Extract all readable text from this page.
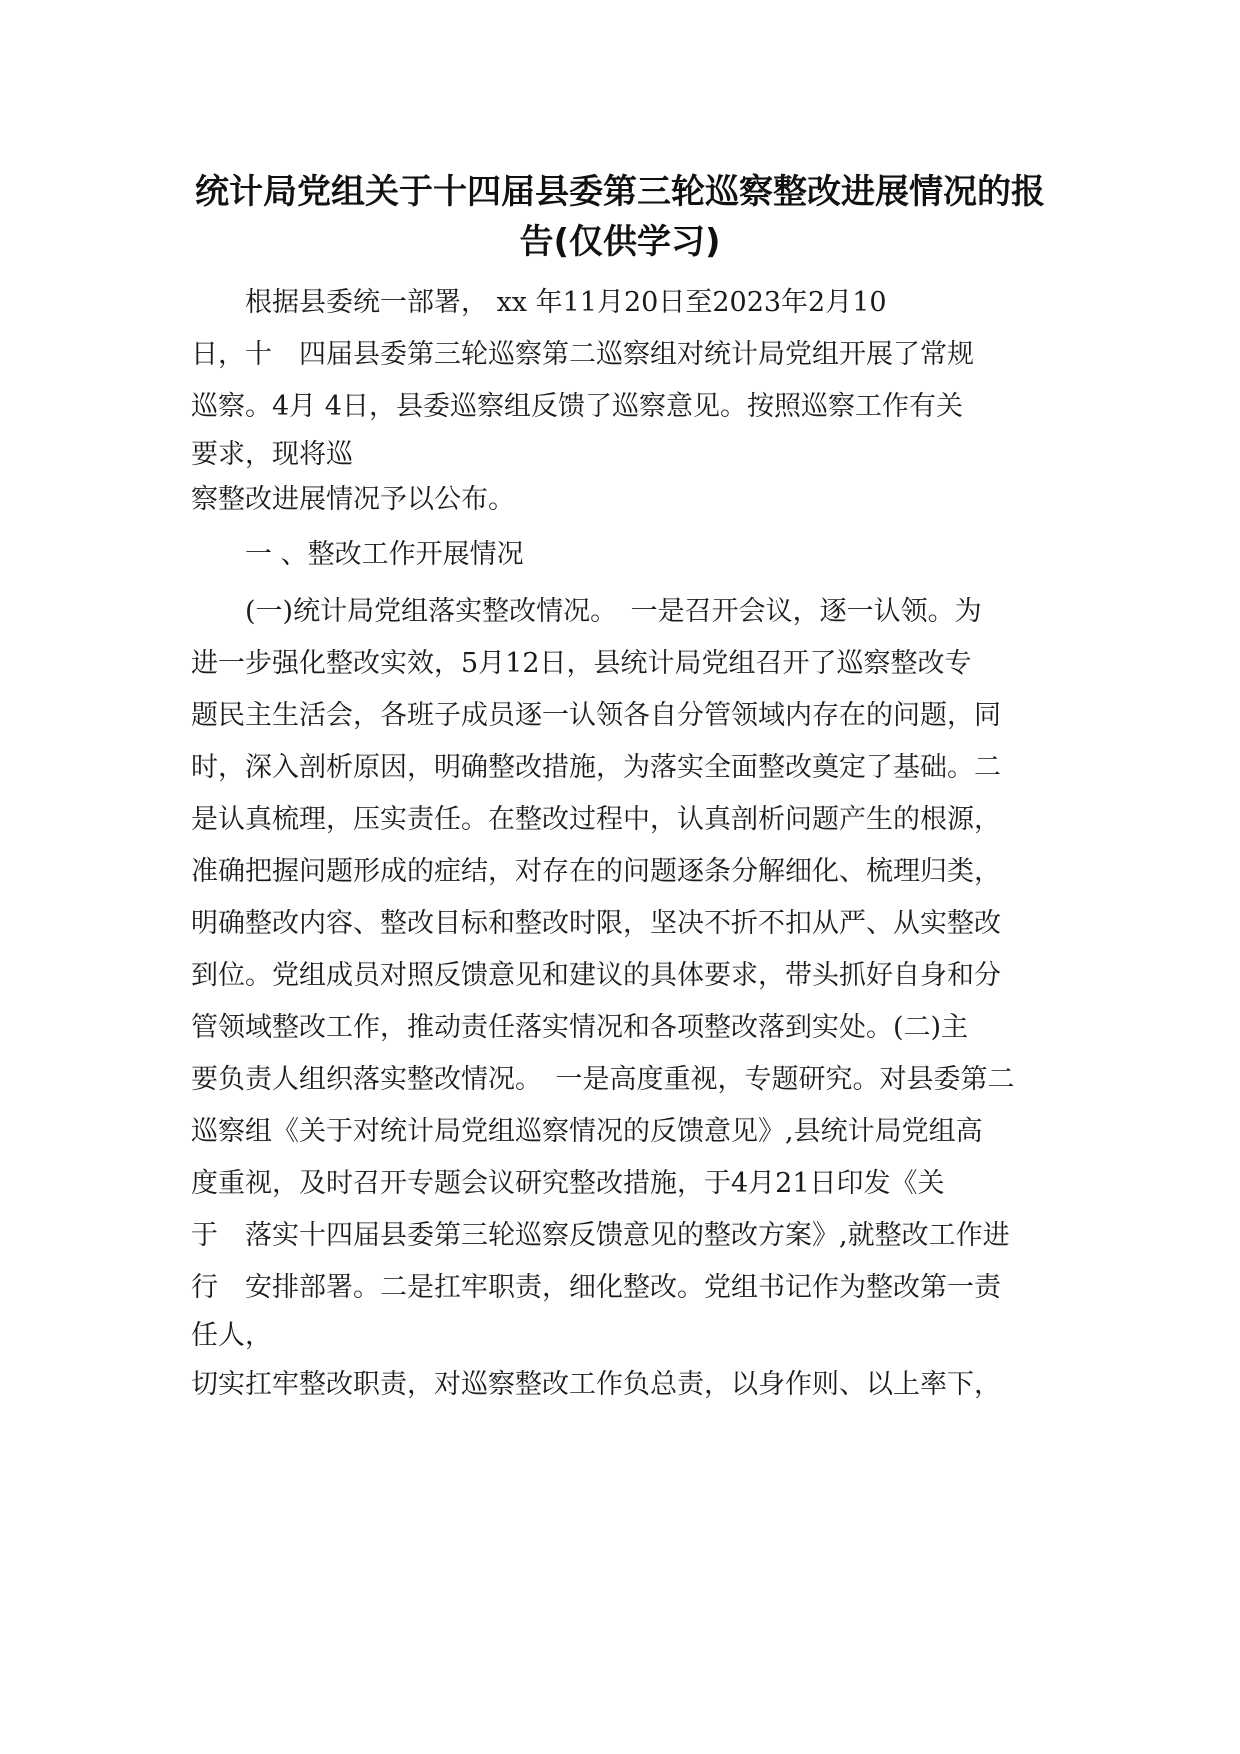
统计局党组关于十四届县委第三轮巡察整改进展情况的报
告(仅供学习)
　　根据县委统一部署， xx 年11月20日至2023年2月10
日，十　四届县委第三轮巡察第二巡察组对统计局党组开展了常规
巡察。4月 4日，县委巡察组反馈了巡察意见。按照巡察工作有关
要求，现将巡
察整改进展情况予以公布。
　　一 、整改工作开展情况
　　(一)统计局党组落实整改情况。　一是召开会议，逐一认领。为
进一步强化整改实效，5月12日，县统计局党组召开了巡察整改专
题民主生活会，各班子成员逐一认领各自分管领域内存在的问题，同
时，深入剖析原因，明确整改措施，为落实全面整改奠定了基础。二
是认真梳理，压实责任。在整改过程中，认真剖析问题产生的根源，
准确把握问题形成的症结，对存在的问题逐条分解细化、梳理归类，
明确整改内容、整改目标和整改时限，坚决不折不扣从严、从实整改
到位。党组成员对照反馈意见和建议的具体要求，带头抓好自身和分
管领域整改工作，推动责任落实情况和各项整改落到实处。(二)主
要负责人组织落实整改情况。　一是高度重视，专题研究。对县委第二
巡察组《关于对统计局党组巡察情况的反馈意见》,县统计局党组高
度重视，及时召开专题会议研究整改措施，于4月21日印发《关
于　落实十四届县委第三轮巡察反馈意见的整改方案》,就整改工作进
行　安排部署。二是扛牢职责，细化整改。党组书记作为整改第一责
任人，
切实扛牢整改职责，对巡察整改工作负总责，以身作则、以上率下，
